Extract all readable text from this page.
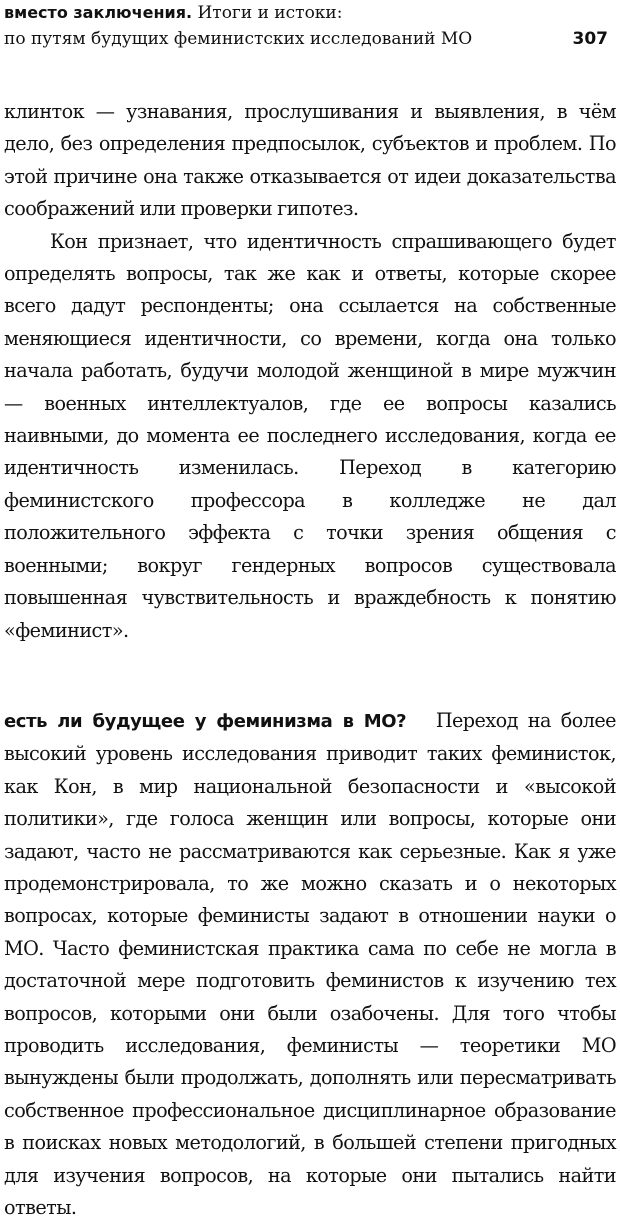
вместо заключения. Итоги и истоки:
по путям будущих феминистских исследований МО	307

клинток — узнавания, прослушивания и выявления, в чём дело, без определения предпосылок, субъектов и проблем. По этой причине она также отказывается от идеи доказательства соображений или проверки гипотез.

Кон признает, что идентичность спрашивающего будет определять вопросы, так же как и ответы, которые скорее всего дадут респонденты; она ссылается на собственные меняющиеся идентичности, со времени, когда она только начала работать, будучи молодой женщиной в мире мужчин — военных интеллектуалов, где ее вопросы казались наивными, до момента ее последнего исследования, когда ее идентичность изменилась. Переход в категорию феминистского профессора в колледже не дал положительного эффекта с точки зрения общения с военными; вокруг гендерных вопросов существовала повышенная чувствительность и враждебность к понятию «феминист».

есть ли будущее у феминизма в МО? Переход на более высокий уровень исследования приводит таких феминисток, как Кон, в мир национальной безопасности и «высокой политики», где голоса женщин или вопросы, которые они задают, часто не рассматриваются как серьезные. Как я уже продемонстрировала, то же можно сказать и о некоторых вопросах, которые феминисты задают в отношении науки о МО. Часто феминистская практика сама по себе не могла в достаточной мере подготовить феминистов к изучению тех вопросов, которыми они были озабочены. Для того чтобы проводить исследования, феминисты — теоретики МО вынуждены были продолжать, дополнять или пересматривать собственное профессиональное дисциплинарное образование в поисках новых методологий, в большей степени пригодных для изучения вопросов, на которые они пытались найти ответы.
